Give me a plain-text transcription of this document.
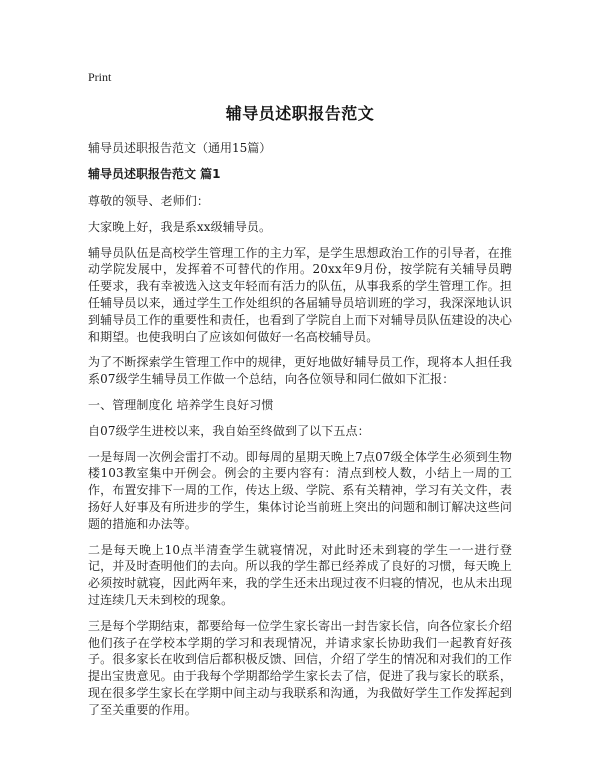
Print
辅导员述职报告范文
辅导员述职报告范文（通用15篇）
辅导员述职报告范文 篇1
尊敬的领导、老师们：
大家晚上好，我是系xx级辅导员。
辅导员队伍是高校学生管理工作的主力军，是学生思想政治工作的引导者，在推动学院发展中，发挥着不可替代的作用。20xx年9月份，按学院有关辅导员聘任要求，我有幸被选入这支年轻而有活力的队伍，从事我系的学生管理工作。担任辅导员以来，通过学生工作处组织的各届辅导员培训班的学习，我深深地认识到辅导员工作的重要性和责任，也看到了学院自上而下对辅导员队伍建设的决心和期望。也使我明白了应该如何做好一名高校辅导员。
为了不断探索学生管理工作中的规律，更好地做好辅导员工作，现将本人担任我系07级学生辅导员工作做一个总结，向各位领导和同仁做如下汇报：
一、管理制度化 培养学生良好习惯
自07级学生进校以来，我自始至终做到了以下五点：
一是每周一次例会雷打不动。即每周的星期天晚上7点07级全体学生必须到生物楼103教室集中开例会。例会的主要内容有：清点到校人数，小结上一周的工作，布置安排下一周的工作，传达上级、学院、系有关精神，学习有关文件，表扬好人好事及有所进步的学生，集体讨论当前班上突出的问题和制订解决这些问题的措施和办法等。
二是每天晚上10点半清查学生就寝情况，对此时还未到寝的学生一一进行登记，并及时查明他们的去向。所以我的学生都已经养成了良好的习惯，每天晚上必须按时就寝，因此两年来，我的学生还未出现过夜不归寝的情况，也从未出现过连续几天未到校的现象。
三是每个学期结束，都要给每一位学生家长寄出一封告家长信，向各位家长介绍他们孩子在学校本学期的学习和表现情况，并请求家长协助我们一起教育好孩子。很多家长在收到信后都积极反馈、回信，介绍了学生的情况和对我们的工作提出宝贵意见。由于我每个学期都给学生家长去了信，促进了我与家长的联系，现在很多学生家长在学期中间主动与我联系和沟通，为我做好学生工作发挥起到了至关重要的作用。
